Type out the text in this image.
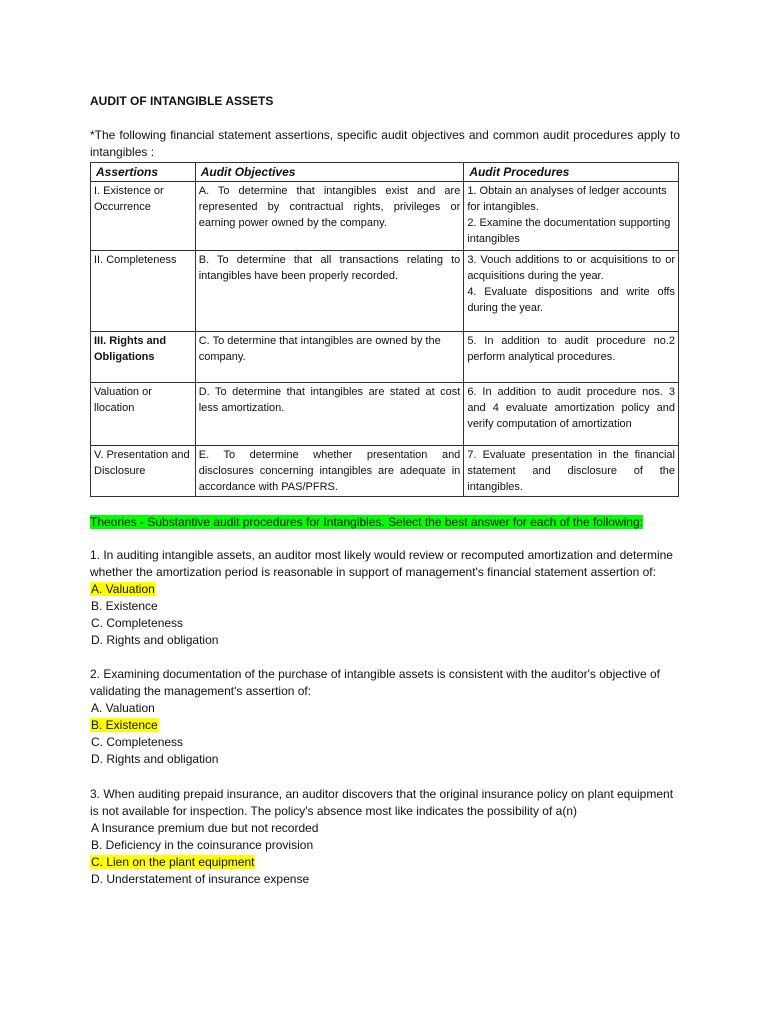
AUDIT OF INTANGIBLE ASSETS
*The following financial statement assertions, specific audit objectives and common audit procedures apply to intangibles :
Assertions	Audit Objectives	Audit Procedures
I. Existence or Occurrence	A. To determine that intangibles exist and are represented by contractual rights, privileges or earning power owned by the company.	1. Obtain an analyses of ledger accounts for intangibles.
2. Examine the documentation supporting intangibles

II. Completeness	B. To determine that all transactions relating to intangibles have been properly recorded.	3. Vouch additions to or acquisitions to or acquisitions during the year.
4. Evaluate dispositions and write offs during the year.

III. Rights and Obligations	C. To determine that intangibles are owned by the company.	5. In addition to audit procedure no.2 perform analytical procedures.

Valuation or llocation	D. To determine that intangibles are stated at cost less amortization.	6. In addition to audit procedure nos. 3 and 4 evaluate amortization policy and verify computation of amortization

V. Presentation and Disclosure	E. To determine whether presentation and disclosures concerning intangibles are adequate in accordance with PAS/PFRS.	7. Evaluate presentation in the financial statement and disclosure of the intangibles.
Theories - Substantive audit procedures for Intangibles. Select the best answer for each of the following:

1. In auditing intangible assets, an auditor most likely would review or recomputed amortization and determine whether the amortization period is reasonable in support of management's financial statement assertion of:

A. Valuation
B. Existence
C. Completeness
D. Rights and obligation

2. Examining documentation of the purchase of intangible assets is consistent with the auditor's objective of validating the management's assertion of:

A. Valuation
B. Existence
C. Completeness
D. Rights and obligation

3. When auditing prepaid insurance, an auditor discovers that the original insurance policy on plant equipment is not available for inspection. The policy's absence most like indicates the possibility of a(n)

A Insurance premium due but not recorded
B. Deficiency in the coinsurance provision
C. Lien on the plant equipment
D. Understatement of insurance expense
